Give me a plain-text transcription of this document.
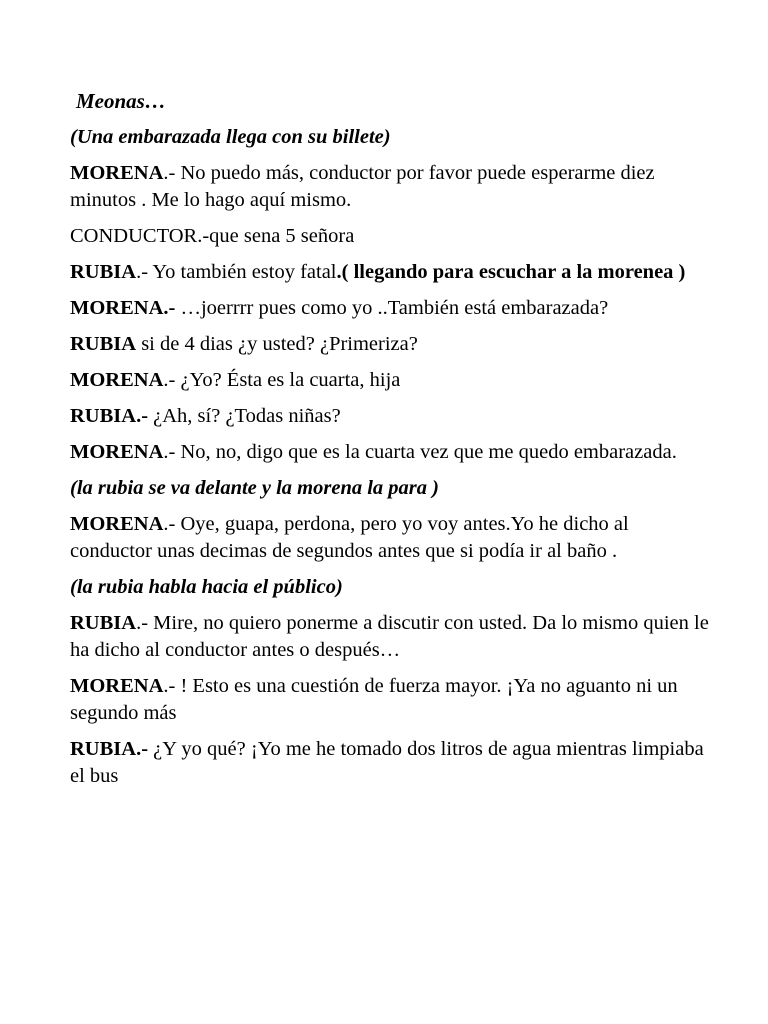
Meonas…
(Una embarazada llega con su billete)
MORENA.- No puedo más, conductor por favor puede esperarme diez minutos . Me lo hago aquí mismo.
CONDUCTOR.-que sena 5 señora
RUBIA.- Yo también estoy fatal.( llegando para escuchar a la morenea )
MORENA.- …joerrrr pues como yo ..También está embarazada?
RUBIA si de 4 dias ¿y usted? ¿Primeriza?
MORENA.- ¿Yo? Ésta es la cuarta, hija
RUBIA.- ¿Ah, sí? ¿Todas niñas?
MORENA.- No, no, digo que es la cuarta vez que me quedo embarazada.
(la rubia se va delante y la morena la para )
MORENA.- Oye, guapa, perdona, pero yo voy antes.Yo he dicho al conductor unas decimas de segundos antes que si podía ir al baño .
(la rubia habla hacia el público)
RUBIA.- Mire, no quiero ponerme a discutir con usted. Da lo mismo quien le ha dicho al conductor antes o después…
MORENA.- ! Esto es una cuestión de fuerza mayor. ¡Ya no aguanto ni un segundo más
RUBIA.- ¿Y yo qué? ¡Yo me he tomado dos litros de agua mientras limpiaba el bus
